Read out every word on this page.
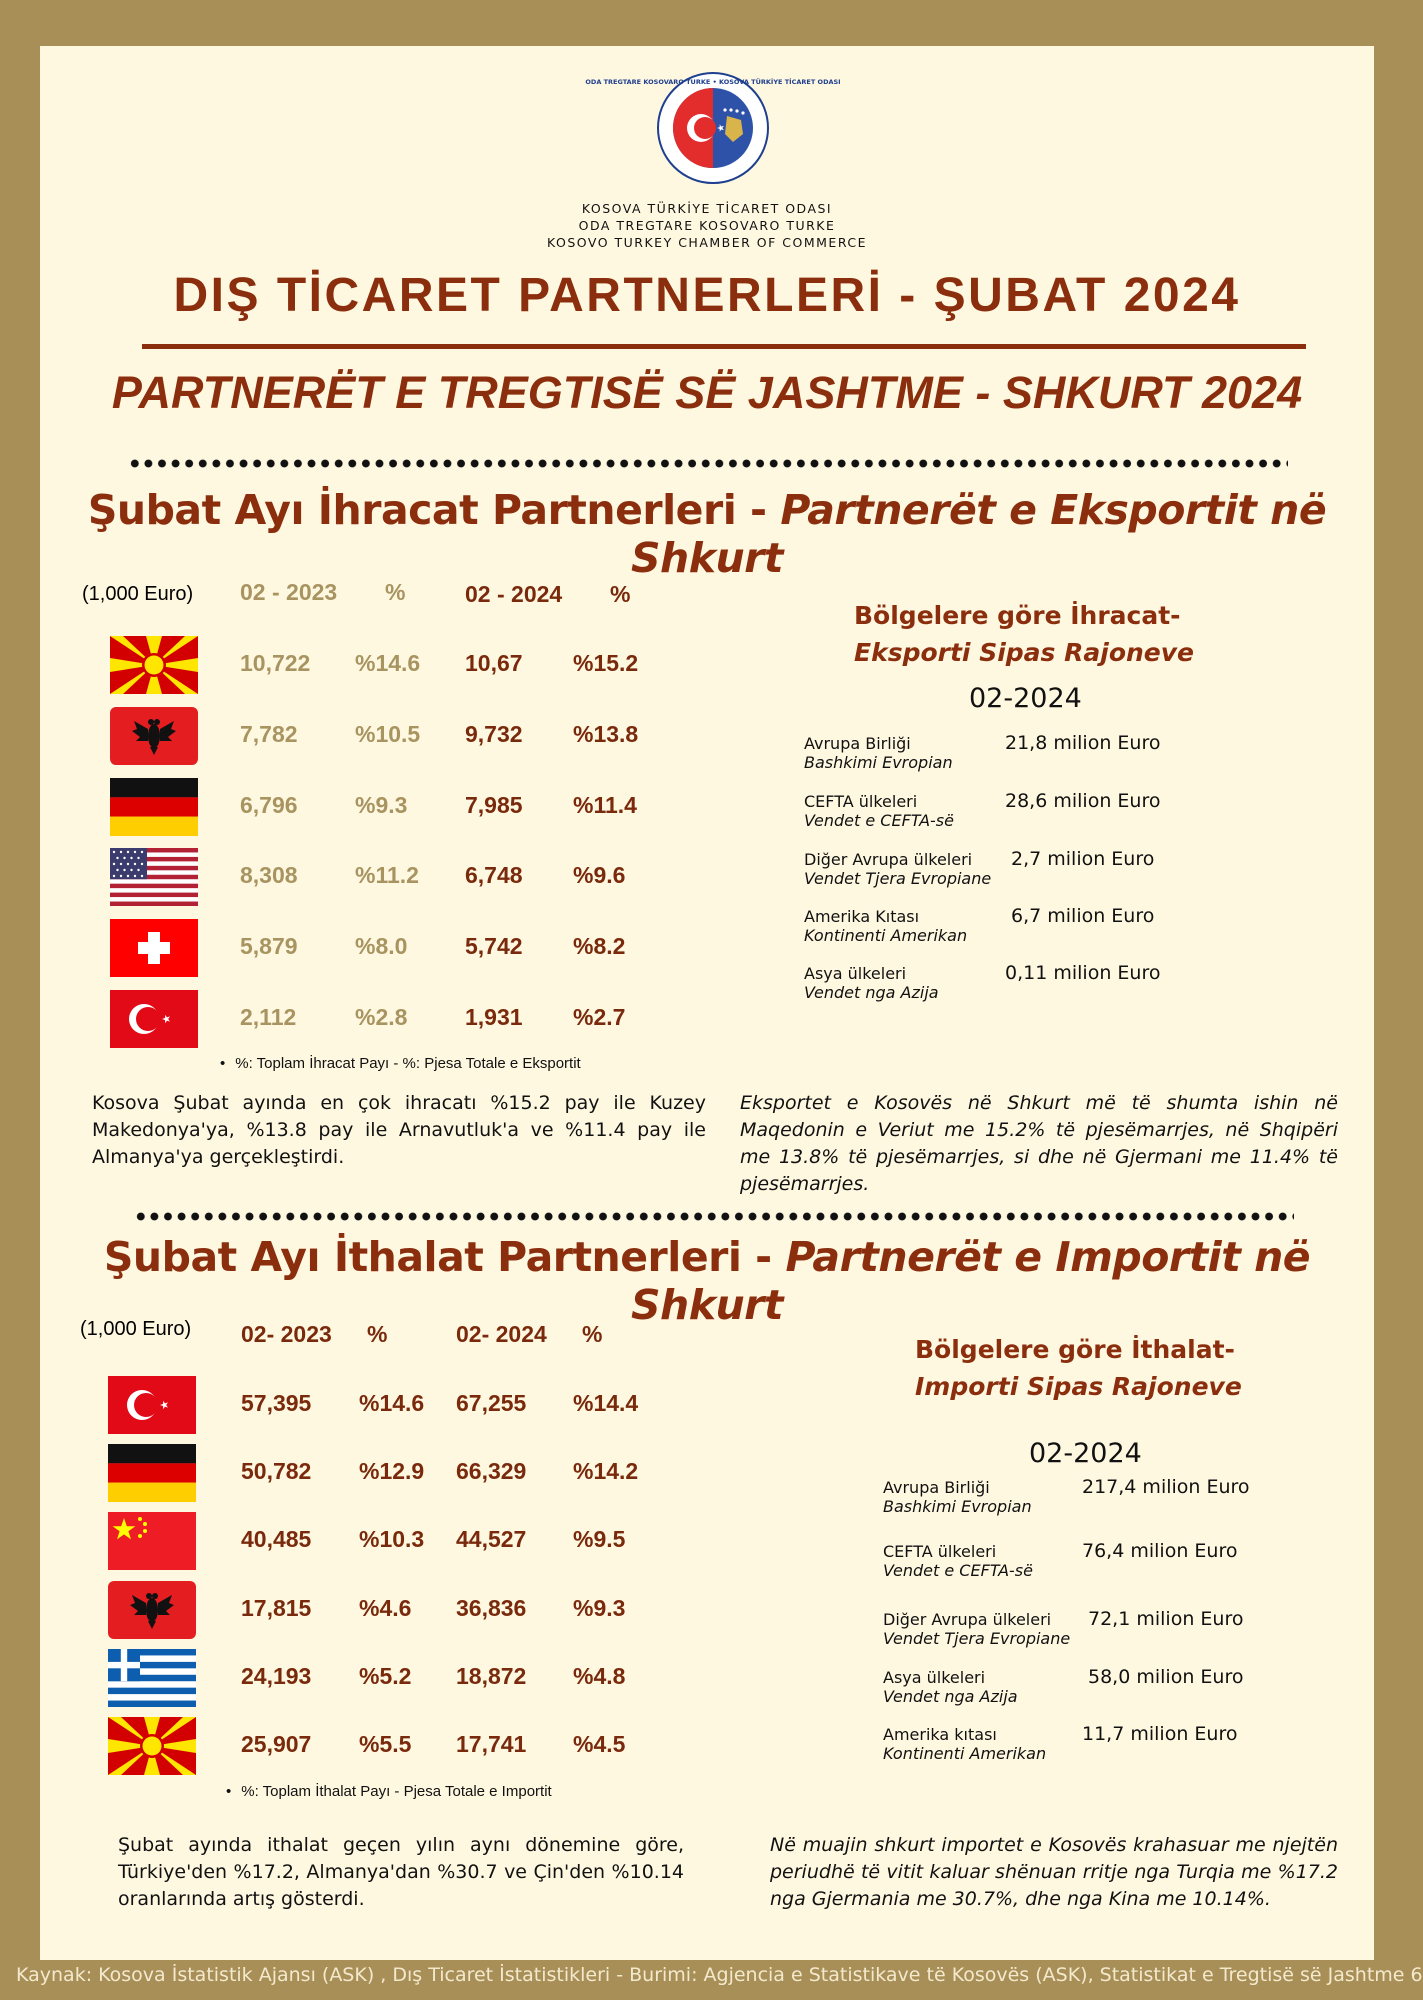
ODA TREGTARE KOSOVARO TURKE • KOSOVA TÜRKİYE TİCARET ODASI
KOSOVA TÜRKİYE TİCARET ODASI
ODA TREGTARE KOSOVARO TURKE
KOSOVO TURKEY CHAMBER OF COMMERCE
DIŞ TİCARET PARTNERLERİ - ŞUBAT 2024
PARTNERËT E TREGTISË SË JASHTME - SHKURT 2024
Şubat Ayı İhracat Partnerleri - Partnerët e Eksportit në Shkurt
(1,000 Euro) 02 - 2023 %	02 - 2024 %
10,722 %14.6 10,67 %15.2
7,782 %10.5 9,732 %13.8
6,796 %9.3	7,985 %11.4
8,308 %11.2 6,748 %9.6
5,879 %8.0	5,742 %8.2
2,112	%2.8	1,931 %2.7
• %: Toplam İhracat Payı - %: Pjesa Totale e Eksportit
Kosova Şubat ayında en çok ihracatı %15.2 pay ile Kuzey Makedonya'ya, %13.8 pay ile Arnavutluk'a ve %11.4 pay ile Almanya'ya gerçekleştirdi.
Eksportet e Kosovës në Shkurt më të shumta ishin në Maqedonin e Veriut me 15.2% të pjesëmarrjes, në Shqipëri me 13.8% të pjesëmarrjes, si dhe në Gjermani me 11.4% të pjesëmarrjes.
Bölgelere göre İhracat-
Eksporti Sipas Rajoneve
02-2024
Avrupa Birliği
Bashkimi Evropian
21,8 milion Euro
CEFTA ülkeleri
Vendet e CEFTA-së
28,6 milion Euro
Diğer Avrupa ülkeleri
Vendet Tjera Evropiane
2,7 milion Euro
Amerika Kıtası
Kontinenti Amerikan
6,7 milion Euro
Asya ülkeleri
Vendet nga Azija
0,11 milion Euro
Şubat Ayı İthalat Partnerleri - Partnerët e Importit në Shkurt
(1,000 Euro) 02- 2023 %	02- 2024 %
57,395 %14.6 67,255 %14.4
50,782 %12.9 66,329 %14.2
40,485 %10.3 44,527 %9.5
17,815 %4.6 36,836 %9.3
24,193 %5.2 18,872 %4.8
25,907 %5.5 17,741 %4.5
• %: Toplam İthalat Payı - Pjesa Totale e Importit
Şubat ayında ithalat geçen yılın aynı dönemine göre, Türkiye'den %17.2, Almanya'dan %30.7 ve Çin'den %10.14 oranlarında artış gösterdi.
Në muajin shkurt importet e Kosovës krahasuar me njejtën periudhë të vitit kaluar shënuan rritje nga Turqia me %17.2 nga Gjermania me 30.7%, dhe nga Kina me 10.14%.
Bölgelere göre İthalat-
Importi Sipas Rajoneve
02-2024
Avrupa Birliği
Bashkimi Evropian
217,4 milion Euro
CEFTA ülkeleri
Vendet e CEFTA-së
76,4 milion Euro
Diğer Avrupa ülkeleri
Vendet Tjera Evropiane
72,1 milion Euro
Asya ülkeleri
Vendet nga Azija
58,0 milion Euro
Amerika kıtası
Kontinenti Amerikan
11,7 milion Euro
Kaynak: Kosova İstatistik Ajansı (ASK) , Dış Ticaret İstatistikleri - Burimi: Agjencia e Statistikave të Kosovës (ASK), Statistikat e Tregtisë së Jashtme 6
